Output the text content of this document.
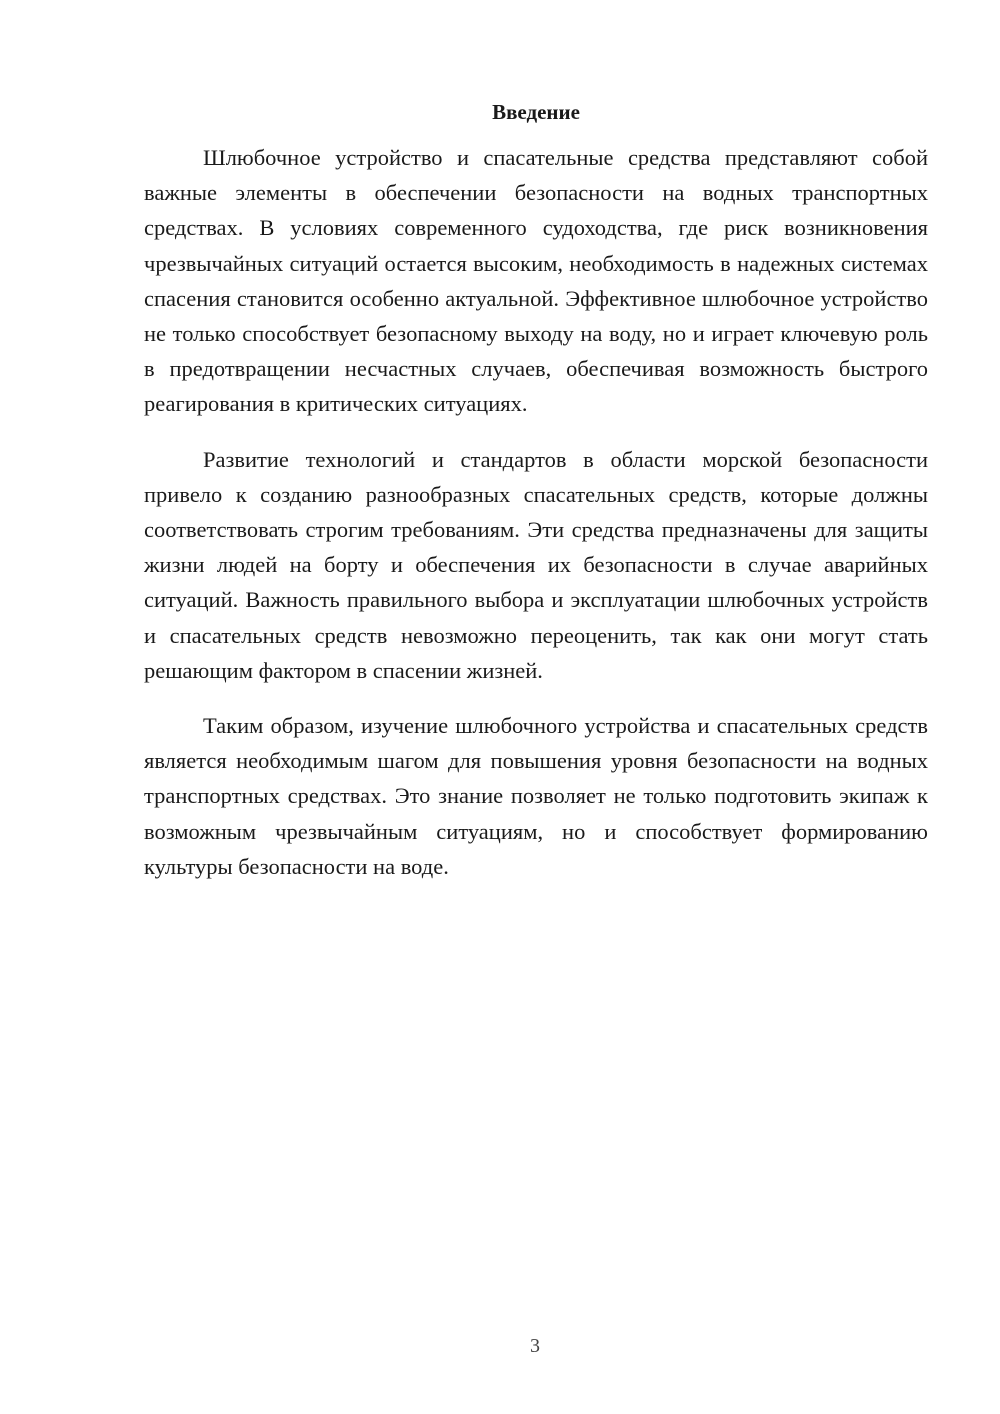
Введение

Шлюбочное устройство и спасательные средства представляют собой важные элементы в обеспечении безопасности на водных транспортных средствах. В условиях современного судоходства, где риск возникновения чрезвычайных ситуаций остается высоким, необходимость в надежных системах спасения становится особенно актуальной. Эффективное шлюбочное устройство не только способствует безопасному выходу на воду, но и играет ключевую роль в предотвращении несчастных случаев, обеспечивая возможность быстрого реагирования в критических ситуациях.

Развитие технологий и стандартов в области морской безопасности привело к созданию разнообразных спасательных средств, которые должны соответствовать строгим требованиям. Эти средства предназначены для защиты жизни людей на борту и обеспечения их безопасности в случае аварийных ситуаций. Важность правильного выбора и эксплуатации шлюбочных устройств и спасательных средств невозможно переоценить, так как они могут стать решающим фактором в спасении жизней.

Таким образом, изучение шлюбочного устройства и спасательных средств является необходимым шагом для повышения уровня безопасности на водных транспортных средствах. Это знание позволяет не только подготовить экипаж к возможным чрезвычайным ситуациям, но и способствует формированию культуры безопасности на воде.

3
